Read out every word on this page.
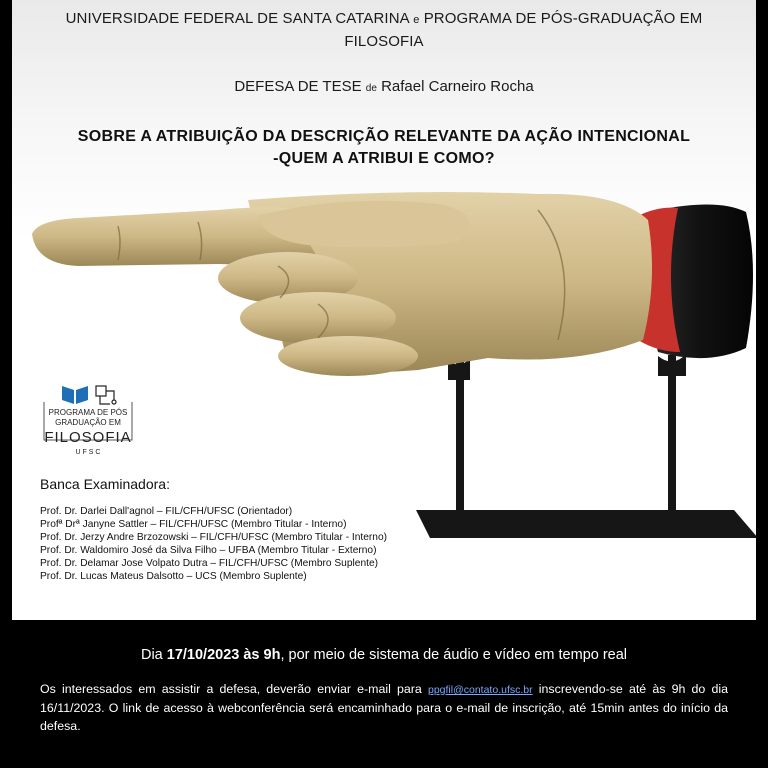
UNIVERSIDADE FEDERAL DE SANTA CATARINA e PROGRAMA DE PÓS-GRADUAÇÃO EM
FILOSOFIA
DEFESA DE TESE de Rafael Carneiro Rocha
SOBRE A ATRIBUIÇÃO DA DESCRIÇÃO RELEVANTE DA AÇÃO INTENCIONAL
-QUEM A ATRIBUI E COMO?
PROGRAMA DE PÓS
GRADUAÇÃO EM
FILOSOFIA
U F S C
Banca Examinadora:
Prof. Dr. Darlei Dall'agnol – FIL/CFH/UFSC (Orientador)
Profª Drª Janyne Sattler – FIL/CFH/UFSC (Membro Titular - Interno)
Prof. Dr. Jerzy Andre Brzozowski – FIL/CFH/UFSC (Membro Titular - Interno)
Prof. Dr. Waldomiro José da Silva Filho – UFBA (Membro Titular - Externo)
Prof. Dr. Delamar Jose Volpato Dutra – FIL/CFH/UFSC (Membro Suplente)
Prof. Dr. Lucas Mateus Dalsotto – UCS (Membro Suplente)
Dia 17/10/2023 às 9h, por meio de sistema de áudio e vídeo em tempo real
Os interessados em assistir a defesa, deverão enviar e-mail para ppgfil@contato.ufsc.br inscrevendo-se até às 9h do dia 16/11/2023. O link de acesso à webconferência será encaminhado para o e-mail de inscrição, até 15min antes do início da defesa.
